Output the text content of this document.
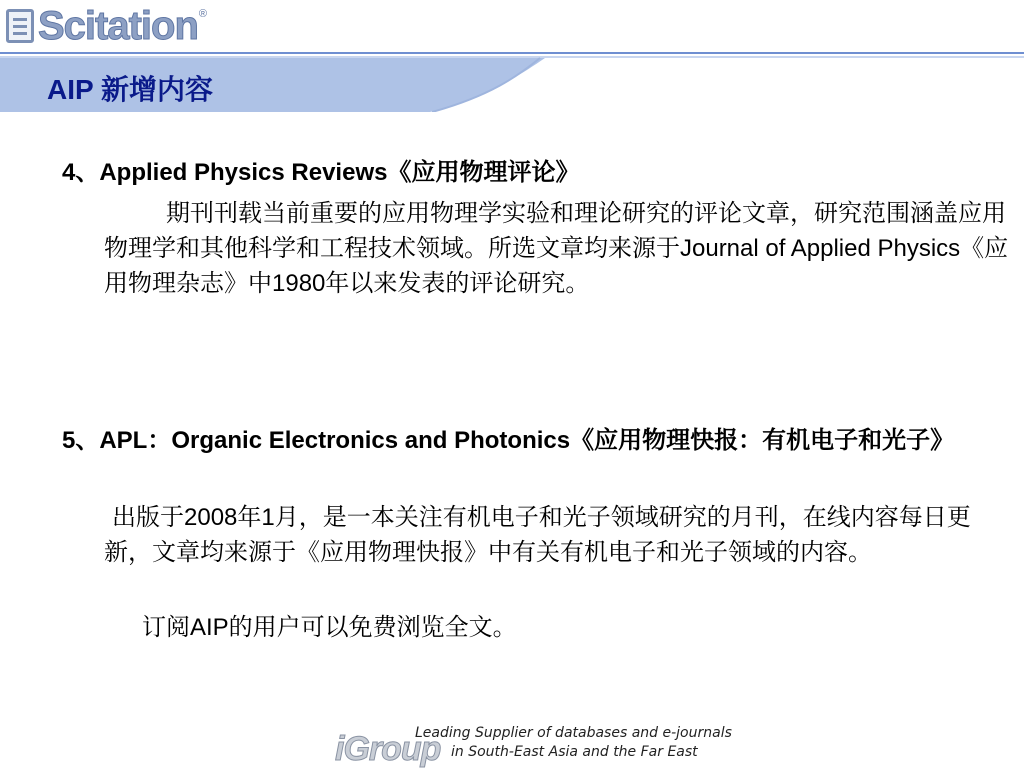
Scitation ®
AIP 新增内容

4、Applied Physics Reviews《应用物理评论》

期刊刊载当前重要的应用物理学实验和理论研究的评论文章，研究范围涵盖应用物理学和其他科学和工程技术领域。所选文章均来源于Journal of Applied Physics《应用物理杂志》中1980年以来发表的评论研究。

5、APL：Organic Electronics and Photonics《应用物理快报：有机电子和光子》

出版于2008年1月，是一本关注有机电子和光子领域研究的月刊，在线内容每日更新，文章均来源于《应用物理快报》中有关有机电子和光子领域的内容。

订阅AIP的用户可以免费浏览全文。

iGroup
Leading Supplier of databases and e-journals
in South-East Asia and the Far East
